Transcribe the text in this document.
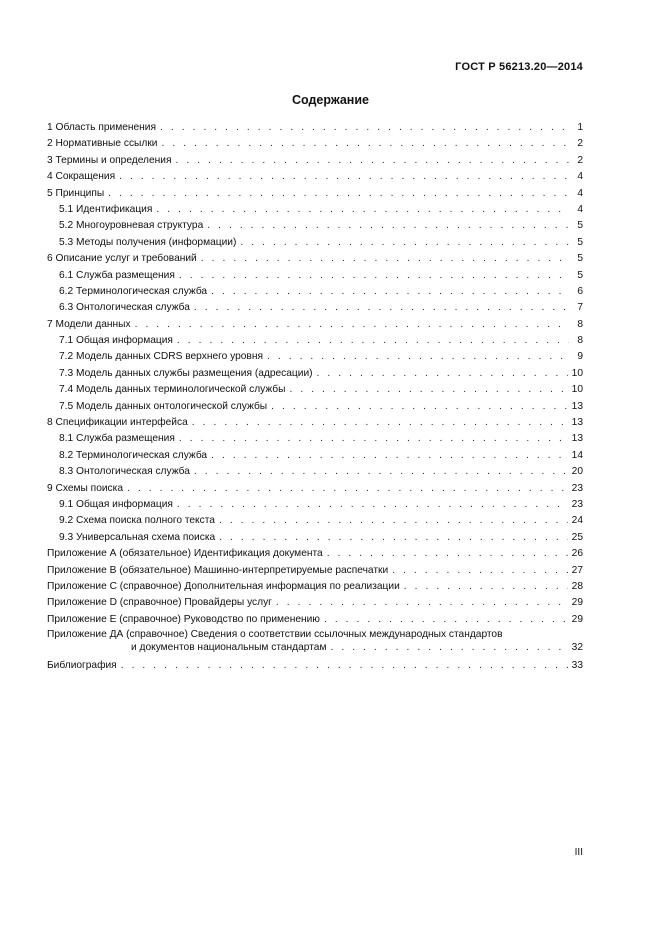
ГОСТ Р 56213.20—2014
Содержание
1 Область применения . . .	1
2 Нормативные ссылки . . .	2
3 Термины и определения . . .	2
4 Сокращения . . .	4
5 Принципы . . .	4
5.1 Идентификация . . .	4
5.2 Многоуровневая структура . . .	5
5.3 Методы получения (информации) . . .	5
6 Описание услуг и требований . . .	5
6.1 Служба размещения . . .	5
6.2 Терминологическая служба . . .	6
6.3 Онтологическая служба . . .	7
7 Модели данных . . .	8
7.1 Общая информация . . .	8
7.2 Модель данных CDRS верхнего уровня . . .	9
7.3 Модель данных службы размещения (адресации) . . .	10
7.4 Модель данных терминологической службы . . .	10
7.5 Модель данных онтологической службы . . .	13
8 Спецификации интерфейса . . .	13
8.1 Служба размещения . . .	13
8.2 Терминологическая служба . . .	14
8.3 Онтологическая служба . . .	20
9 Схемы поиска . . .	23
9.1 Общая информация . . .	23
9.2 Схема поиска полного текста . . .	24
9.3 Универсальная схема поиска . . .	25
Приложение А (обязательное) Идентификация документа . . .	26
Приложение В (обязательное) Машинно-интерпретируемые распечатки . . .	27
Приложение С (справочное) Дополнительная информация по реализации . . .	28
Приложение D (справочное) Провайдеры услуг . . .	29
Приложение Е (справочное) Руководство по применению . . .	29
Приложение ДА (справочное) Сведения о соответствии ссылочных международных стандартов
и документов национальным стандартам . . .	32
Библиография . . .	33
III
